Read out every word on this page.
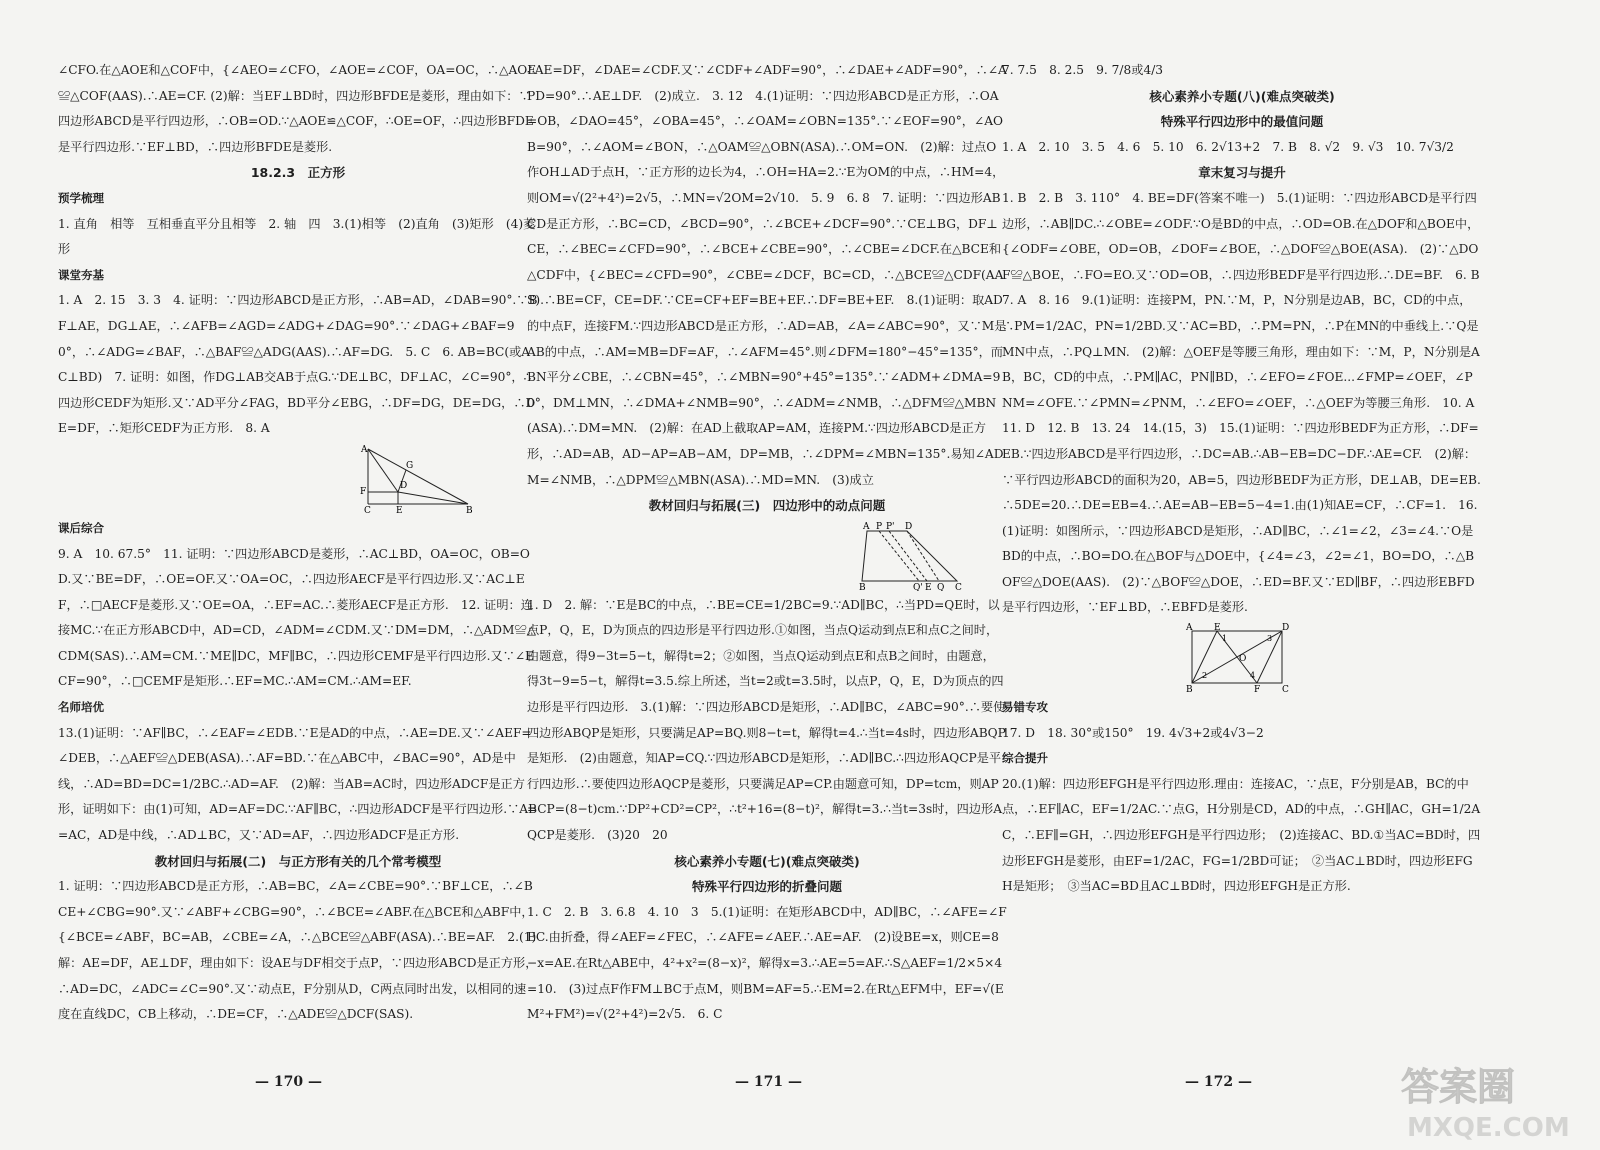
∠CFO.在△AOE和△COF中，{∠AEO=∠CFO，∠AOE=∠COF，OA=OC，∴△AOE≌△COF(AAS).∴AE=CF. (2)解：当EF⊥BD时，四边形BFDE是菱形，理由如下：∵四边形ABCD是平行四边形，∴OB=OD.∵△AOE≌△COF，∴OE=OF，∴四边形BFDE是平行四边形.∵EF⊥BD，∴四边形BFDE是菱形.

18.2.3　正方形

预学梳理

1. 直角　相等　互相垂直平分且相等　2. 轴　四　3.(1)相等　(2)直角　(3)矩形　(4)菱形

课堂夯基

1. A　2. 15　3. 3　4. 证明：∵四边形ABCD是正方形，∴AB=AD，∠DAB=90°.∵BF⊥AE，DG⊥AE，∴∠AFB=∠AGD=∠ADG+∠DAG=90°.∵∠DAG+∠BAF=90°，∴∠ADG=∠BAF，∴△BAF≌△ADG(AAS).∴AF=DG.　5. C　6. AB=BC(或AC⊥BD)　7. 证明：如图，作DG⊥AB交AB于点G.∵DE⊥BC，DF⊥AC，∠C=90°，∴四边形CEDF为矩形.又∵AD平分∠FAG，BD平分∠EBG，∴DF=DG，DE=DG，∴DE=DF，∴矩形CEDF为正方形.　8. A

A
G
F
D
C	E	B

课后综合

9. A　10. 67.5°　11. 证明：∵四边形ABCD是菱形，∴AC⊥BD，OA=OC，OB=OD.又∵BE=DF，∴OE=OF.又∵OA=OC，∴四边形AECF是平行四边形.又∵AC⊥EF，∴□AECF是菱形.又∵OE=OA，∴EF=AC.∴菱形AECF是正方形.　12. 证明：连接MC.∵在正方形ABCD中，AD=CD，∠ADM=∠CDM.又∵DM=DM，∴△ADM≌△CDM(SAS).∴AM=CM.∵ME∥DC，MF∥BC，∴四边形CEMF是平行四边形.又∵∠ECF=90°，∴□CEMF是矩形.∴EF=MC.∴AM=CM.∴AM=EF.

名师培优

13.(1)证明：∵AF∥BC，∴∠EAF=∠EDB.∵E是AD的中点，∴AE=DE.又∵∠AEF=∠DEB，∴△AEF≌△DEB(ASA).∴AF=BD.∵在△ABC中，∠BAC=90°，AD是中线，∴AD=BD=DC=1/2BC.∴AD=AF.　(2)解：当AB=AC时，四边形ADCF是正方形，证明如下：由(1)可知，AD=AF=DC.∵AF∥BC，∴四边形ADCF是平行四边形.∵AB=AC，AD是中线，∴AD⊥BC，又∵AD=AF，∴四边形ADCF是正方形.

教材回归与拓展(二)　与正方形有关的几个常考模型

1. 证明：∵四边形ABCD是正方形，∴AB=BC，∠A=∠CBE=90°.∵BF⊥CE，∴∠BCE+∠CBG=90°.又∵∠ABF+∠CBG=90°，∴∠BCE=∠ABF.在△BCE和△ABF中，{∠BCE=∠ABF，BC=AB，∠CBE=∠A，∴△BCE≌△ABF(ASA).∴BE=AF.　2.(1)解：AE=DF，AE⊥DF，理由如下：设AE与DF相交于点P，∵四边形ABCD是正方形，∴AD=DC，∠ADC=∠C=90°.又∵动点E，F分别从D，C两点同时出发，以相同的速度在直线DC，CB上移动，∴DE=CF，∴△ADE≌△DCF(SAS).

∴AE=DF，∠DAE=∠CDF.又∵∠CDF+∠ADF=90°，∴∠DAE+∠ADF=90°，∴∠APD=90°.∴AE⊥DF.　(2)成立.　3. 12　4.(1)证明：∵四边形ABCD是正方形，∴OA=OB，∠DAO=45°，∠OBA=45°，∴∠OAM=∠OBN=135°.∵∠EOF=90°，∠AOB=90°，∴∠AOM=∠BON，∴△OAM≌△OBN(ASA).∴OM=ON.　(2)解：过点O作OH⊥AD于点H，∵正方形的边长为4，∴OH=HA=2.∵E为OM的中点，∴HM=4，则OM=√(2²+4²)=2√5，∴MN=√2OM=2√10.　5. 9　6. 8　7. 证明：∵四边形ABCD是正方形，∴BC=CD，∠BCD=90°，∴∠BCE+∠DCF=90°.∵CE⊥BG，DF⊥CE，∴∠BEC=∠CFD=90°，∴∠BCE+∠CBE=90°，∴∠CBE=∠DCF.在△BCE和△CDF中，{∠BEC=∠CFD=90°，∠CBE=∠DCF，BC=CD，∴△BCE≌△CDF(AAS).∴BE=CF，CE=DF.∵CE=CF+EF=BE+EF.∴DF=BE+EF.　8.(1)证明：取AD的中点F，连接FM.∵四边形ABCD是正方形，∴AD=AB，∠A=∠ABC=90°，又∵M是AB的中点，∴AM=MB=DF=AF，∴∠AFM=45°.则∠DFM=180°−45°=135°，而BN平分∠CBE，∴∠CBN=45°，∴∠MBN=90°+45°=135°.∵∠ADM+∠DMA=90°，DM⊥MN，∴∠DMA+∠NMB=90°，∴∠ADM=∠NMB，∴△DFM≌△MBN(ASA).∴DM=MN.　(2)解：在AD上截取AP=AM，连接PM.∵四边形ABCD是正方形，∴AD=AB，AD−AP=AB−AM，DP=MB，∴∠DPM=∠MBN=135°.易知∠ADM=∠NMB，∴△DPM≌△MBN(ASA).∴MD=MN.　(3)成立

教材回归与拓展(三)　四边形中的动点问题

A P P' D
B	Q' E Q C

1. D　2. 解：∵E是BC的中点，∴BE=CE=1/2BC=9.∵AD∥BC，∴当PD=QE时，以点P，Q，E，D为顶点的四边形是平行四边形.①如图，当点Q运动到点E和点C之间时，由题意，得9−3t=5−t，解得t=2；②如图，当点Q运动到点E和点B之间时，由题意，得3t−9=5−t，解得t=3.5.综上所述，当t=2或t=3.5时，以点P，Q，E，D为顶点的四边形是平行四边形.　3.(1)解：∵四边形ABCD是矩形，∴AD∥BC，∠ABC=90°.∴要使四边形ABQP是矩形，只要满足AP=BQ.则8−t=t，解得t=4.∴当t=4s时，四边形ABQP是矩形.　(2)由题意，知AP=CQ.∵四边形ABCD是矩形，∴AD∥BC.∴四边形AQCP是平行四边形.∴要使四边形AQCP是菱形，只要满足AP=CP.由题意可知，DP=tcm，则AP=CP=(8−t)cm.∵DP²+CD²=CP²，∴t²+16=(8−t)²，解得t=3.∴当t=3s时，四边形AQCP是菱形.　(3)20　20

核心素养小专题(七)(难点突破类)

特殊平行四边形的折叠问题

1. C　2. B　3. 6.8　4. 10　3　5.(1)证明：在矩形ABCD中，AD∥BC，∴∠AFE=∠FEC.由折叠，得∠AEF=∠FEC，∴∠AFE=∠AEF.∴AE=AF.　(2)设BE=x，则CE=8−x=AE.在Rt△ABE中，4²+x²=(8−x)²，解得x=3.∴AE=5=AF.∴S△AEF=1/2×5×4=10.　(3)过点F作FM⊥BC于点M，则BM=AF=5.∴EM=2.在Rt△EFM中，EF=√(EM²+FM²)=√(2²+4²)=2√5.　6. C

7. 7.5　8. 2.5　9. 7/8或4/3

核心素养小专题(八)(难点突破类)

特殊平行四边形中的最值问题

1. A　2. 10　3. 5　4. 6　5. 10　6. 2√13+2　7. B　8. √2　9. √3　10. 7√3/2

章末复习与提升

1. B　2. B　3. 110°　4. BE=DF(答案不唯一)　5.(1)证明：∵四边形ABCD是平行四边形，∴AB∥DC.∴∠OBE=∠ODF.∵O是BD的中点，∴OD=OB.在△DOF和△BOE中，{∠ODF=∠OBE，OD=OB，∠DOF=∠BOE，∴△DOF≌△BOE(ASA).　(2)∵△DOF≌△BOE，∴FO=EO.又∵OD=OB，∴四边形BEDF是平行四边形.∴DE=BF.　6. B　7. A　8. 16　9.(1)证明：连接PM，PN.∵M，P，N分别是边AB，BC，CD的中点，∴PM=1/2AC，PN=1/2BD.又∵AC=BD，∴PM=PN，∴P在MN的中垂线上.∵Q是MN中点，∴PQ⊥MN.　(2)解：△OEF是等腰三角形，理由如下：∵M，P，N分别是AB，BC，CD的中点，∴PM∥AC，PN∥BD，∴∠EFO=∠FOE...∠FMP=∠OEF，∠PNM=∠OFE.∵∠PMN=∠PNM，∴∠EFO=∠OEF，∴△OEF为等腰三角形.　10. A　11. D　12. B　13. 24　14.(15，3)　15.(1)证明：∵四边形BEDF为正方形，∴DF=EB.∵四边形ABCD是平行四边形，∴DC=AB.∴AB−EB=DC−DF.∴AE=CF.　(2)解：∵平行四边形ABCD的面积为20，AB=5，四边形BEDF为正方形，DE⊥AB，DE=EB.∴5DE=20.∴DE=EB=4.∴AE=AB−EB=5−4=1.由(1)知AE=CF，∴CF=1.　16.(1)证明：如图所示，∵四边形ABCD是矩形，∴AD∥BC，∴∠1=∠2，∠3=∠4.∵O是BD的中点，∴BO=DO.在△BOF与△DOE中，{∠4=∠3，∠2=∠1，BO=DO，∴△BOF≌△DOE(AAS).　(2)∵△BOF≌△DOE，∴ED=BF.又∵ED∥BF，∴四边形EBFD是平行四边形，∵EF⊥BD，∴EBFD是菱形.

A E	D
B	F C
O
1
2
3
4

易错专攻

17. D　18. 30°或150°　19. 4√3+2或4√3−2

综合提升

20.(1)解：四边形EFGH是平行四边形.理由：连接AC，∵点E，F分别是AB，BC的中点，∴EF∥AC，EF=1/2AC.∵点G，H分别是CD，AD的中点，∴GH∥AC，GH=1/2AC，∴EF∥=GH，∴四边形EFGH是平行四边形；　(2)连接AC、BD.①当AC=BD时，四边形EFGH是菱形，由EF=1/2AC，FG=1/2BD可证；　②当AC⊥BD时，四边形EFGH是矩形；　③当AC=BD且AC⊥BD时，四边形EFGH是正方形.

— 170 —	— 171 —	— 172 —	答案圈
MXQE.COM
